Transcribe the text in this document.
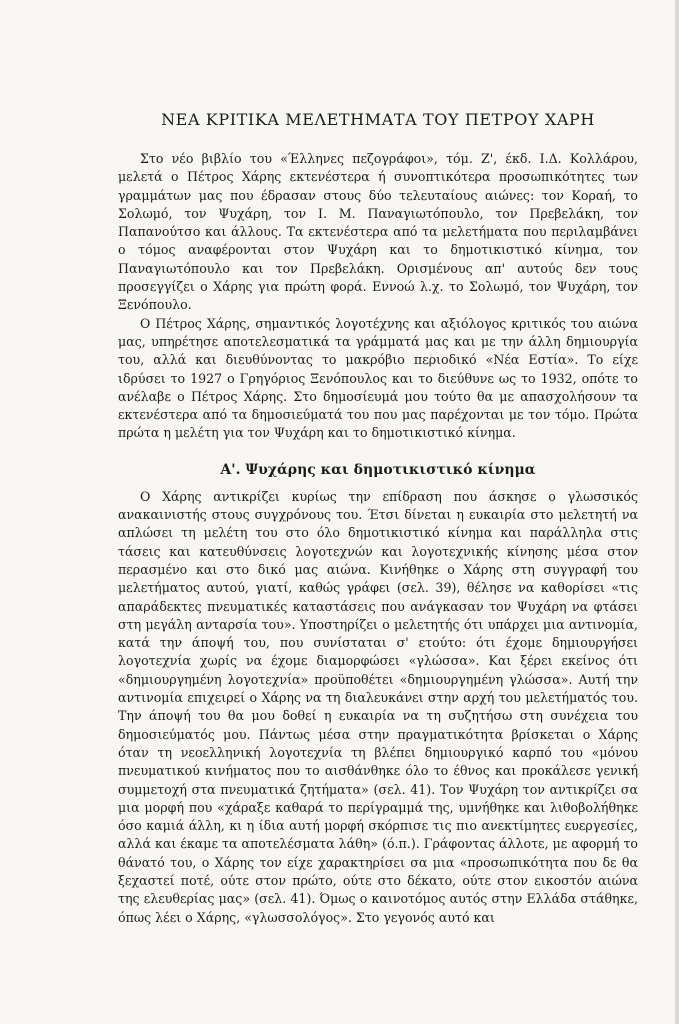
ΝΕΑ ΚΡΙΤΙΚΑ ΜΕΛΕΤΗΜΑΤΑ ΤΟΥ ΠΕΤΡΟΥ ΧΑΡΗ

Στο νέο βιβλίο του «Έλληνες πεζογράφοι», τόμ. Ζ', έκδ. Ι.Δ. Κολλάρου, μελετά ο Πέτρος Χάρης εκτενέστερα ή συνοπτικότερα προσωπικότητες των γραμμάτων μας που έδρασαν στους δύο τελευταίους αιώνες: τον Κοραή, το Σολωμό, τον Ψυχάρη, τον Ι. Μ. Παναγιωτόπουλο, τον Πρεβελάκη, τον Παπανούτσο και άλλους. Τα εκτενέστερα από τα μελετήματα που περιλαμβάνει ο τόμος αναφέρονται στον Ψυχάρη και το δημοτικιστικό κίνημα, τον Παναγιωτόπουλο και τον Πρεβελάκη. Ορισμένους απ' αυτούς δεν τους προσεγγίζει ο Χάρης για πρώτη φορά. Εννοώ λ.χ. το Σολωμό, τον Ψυχάρη, τον Ξενόπουλο.

Ο Πέτρος Χάρης, σημαντικός λογοτέχνης και αξιόλογος κριτικός του αιώνα μας, υπηρέτησε αποτελεσματικά τα γράμματά μας και με την άλλη δημιουργία του, αλλά και διευθύνοντας το μακρόβιο περιοδικό «Νέα Εστία». Το είχε ιδρύσει το 1927 ο Γρηγόριος Ξενόπουλος και το διεύθυνε ως το 1932, οπότε το ανέλαβε ο Πέτρος Χάρης. Στο δημοσίευμά μου τούτο θα με απασχολήσουν τα εκτενέστερα από τα δημοσιεύματά του που μας παρέχονται με τον τόμο. Πρώτα πρώτα η μελέτη για τον Ψυχάρη και το δημοτικιστικό κίνημα.

Α'. Ψυχάρης και δημοτικιστικό κίνημα

Ο Χάρης αντικρίζει κυρίως την επίδραση που άσκησε ο γλωσσικός ανακαινιστής στους συγχρόνους του. Έτσι δίνεται η ευκαιρία στο μελετητή να απλώσει τη μελέτη του στο όλο δημοτικιστικό κίνημα και παράλληλα στις τάσεις και κατευθύνσεις λογοτεχνών και λογοτεχνικής κίνησης μέσα στον περασμένο και στο δικό μας αιώνα. Κινήθηκε ο Χάρης στη συγγραφή του μελετήματος αυτού, γιατί, καθώς γράφει (σελ. 39), θέλησε να καθορίσει «τις απαράδεκτες πνευματικές καταστάσεις που ανάγκασαν τον Ψυχάρη να φτάσει στη μεγάλη ανταρσία του». Υποστηρίζει ο μελετητής ότι υπάρχει μια αντινομία, κατά την άποψή του, που συνίσταται σ' ετούτο: ότι έχομε δημιουργήσει λογοτεχνία χωρίς να έχομε διαμορφώσει «γλώσσα». Και ξέρει εκείνος ότι «δημιουργημένη λογοτεχνία» προϋποθέτει «δημιουργημένη γλώσσα». Αυτή την αντινομία επιχειρεί ο Χάρης να τη διαλευκάνει στην αρχή του μελετήματός του. Την άποψή του θα μου δοθεί η ευκαιρία να τη συζητήσω στη συνέχεια του δημοσιεύματός μου. Πάντως μέσα στην πραγματικότητα βρίσκεται ο Χάρης όταν τη νεοελληνική λογοτεχνία τη βλέπει δημιουργικό καρπό του «μόνου πνευματικού κινήματος που το αισθάνθηκε όλο το έθνος και προκάλεσε γενική συμμετοχή στα πνευματικά ζητήματα» (σελ. 41). Τον Ψυχάρη τον αντικρίζει σα μια μορφή που «χάραξε καθαρά το περίγραμμά της, υμνήθηκε και λιθοβολήθηκε όσο καμιά άλλη, κι η ίδια αυτή μορφή σκόρπισε τις πιο ανεκτίμητες ευεργεσίες, αλλά και έκαμε τα αποτελέσματα λάθη» (ό.π.). Γράφοντας άλλοτε, με αφορμή το θάνατό του, ο Χάρης τον είχε χαρακτηρίσει σα μια «προσωπικότητα που δε θα ξεχαστεί ποτέ, ούτε στον πρώτο, ούτε στο δέκατο, ούτε στον εικοστόν αιώνα της ελευθερίας μας» (σελ. 41). Όμως ο καινοτόμος αυτός στην Ελλάδα στάθηκε, όπως λέει ο Χάρης, «γλωσσολόγος». Στο γεγονός αυτό και
